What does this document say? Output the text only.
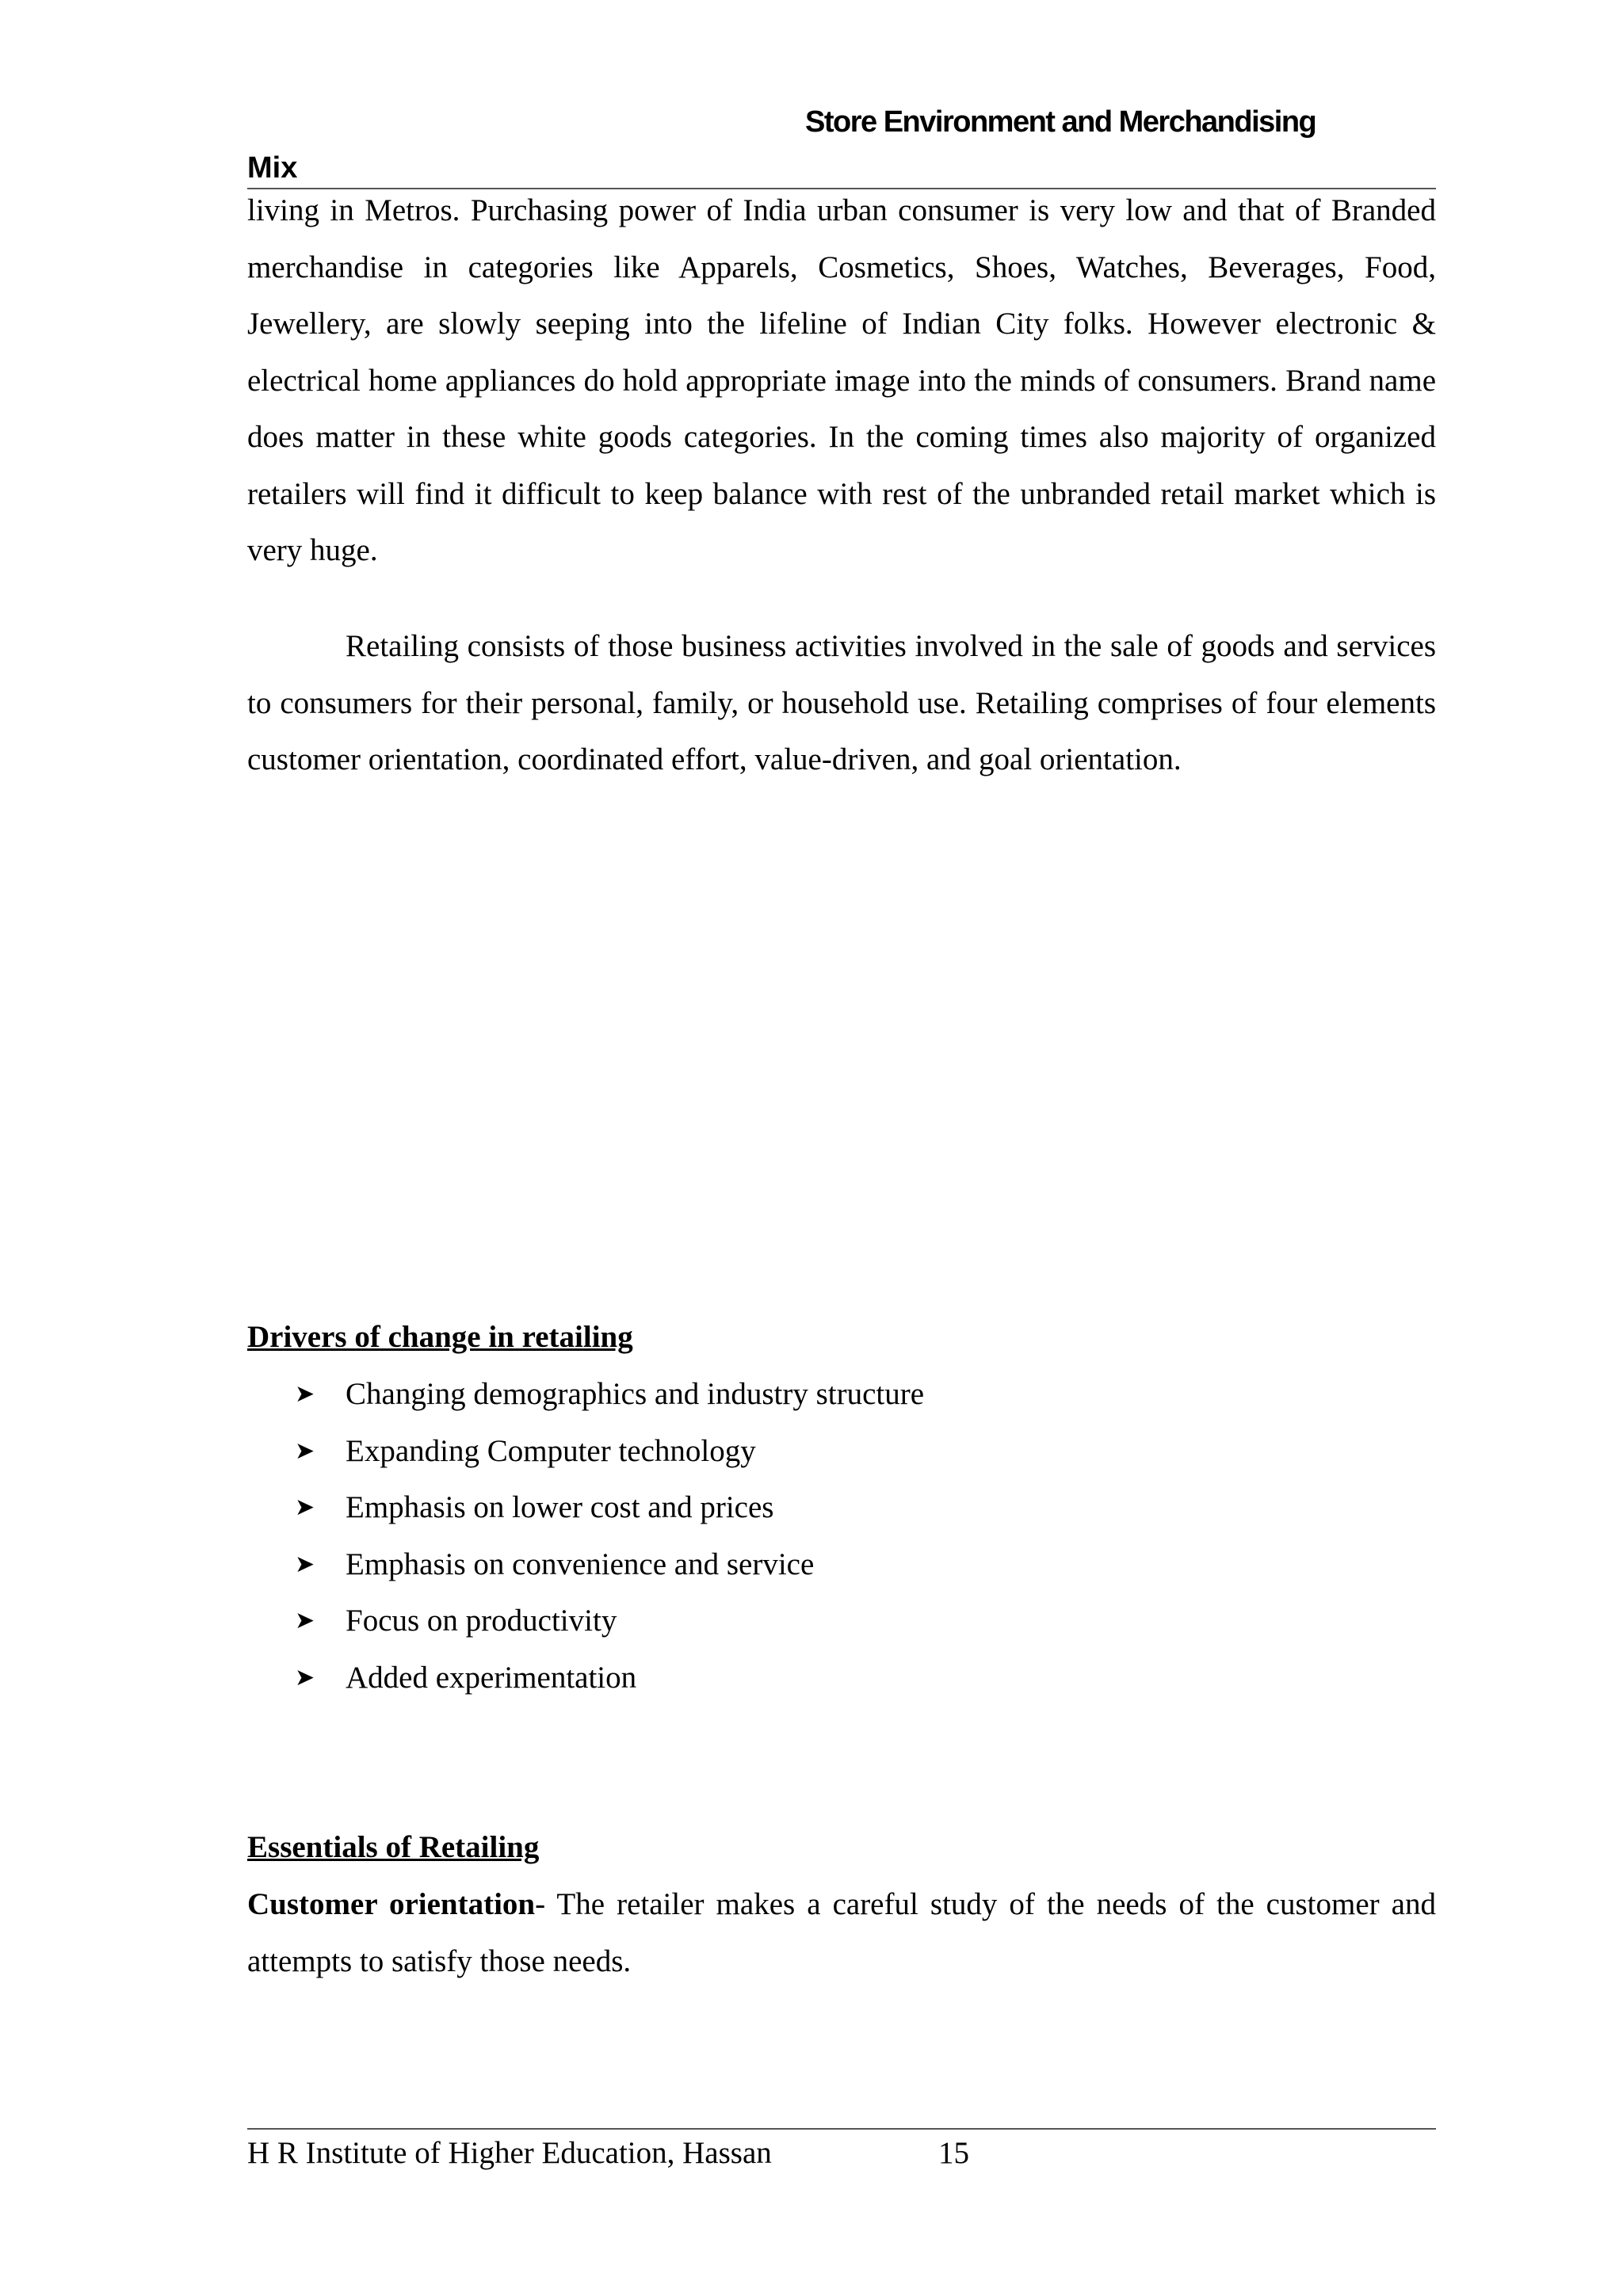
Store Environment and Merchandising
Mix

living in Metros. Purchasing power of India urban consumer is very low and that of Branded merchandise in categories like Apparels, Cosmetics, Shoes, Watches, Beverages, Food, Jewellery, are slowly seeping into the lifeline of Indian City folks. However electronic & electrical home appliances do hold appropriate image into the minds of consumers. Brand name does matter in these white goods categories. In the coming times also majority of organized retailers will find it difficult to keep balance with rest of the unbranded retail market which is very huge.

Retailing consists of those business activities involved in the sale of goods and services to consumers for their personal, family, or household use. Retailing comprises of four elements customer orientation, coordinated effort, value-driven, and goal orientation.

Drivers of change in retailing
➤ Changing demographics and industry structure
➤ Expanding Computer technology
➤ Emphasis on lower cost and prices
➤ Emphasis on convenience and service
➤ Focus on productivity
➤ Added experimentation
Essentials of Retailing

Customer orientation- The retailer makes a careful study of the needs of the customer and attempts to satisfy those needs.

H R Institute of Higher Education, Hassan	15
